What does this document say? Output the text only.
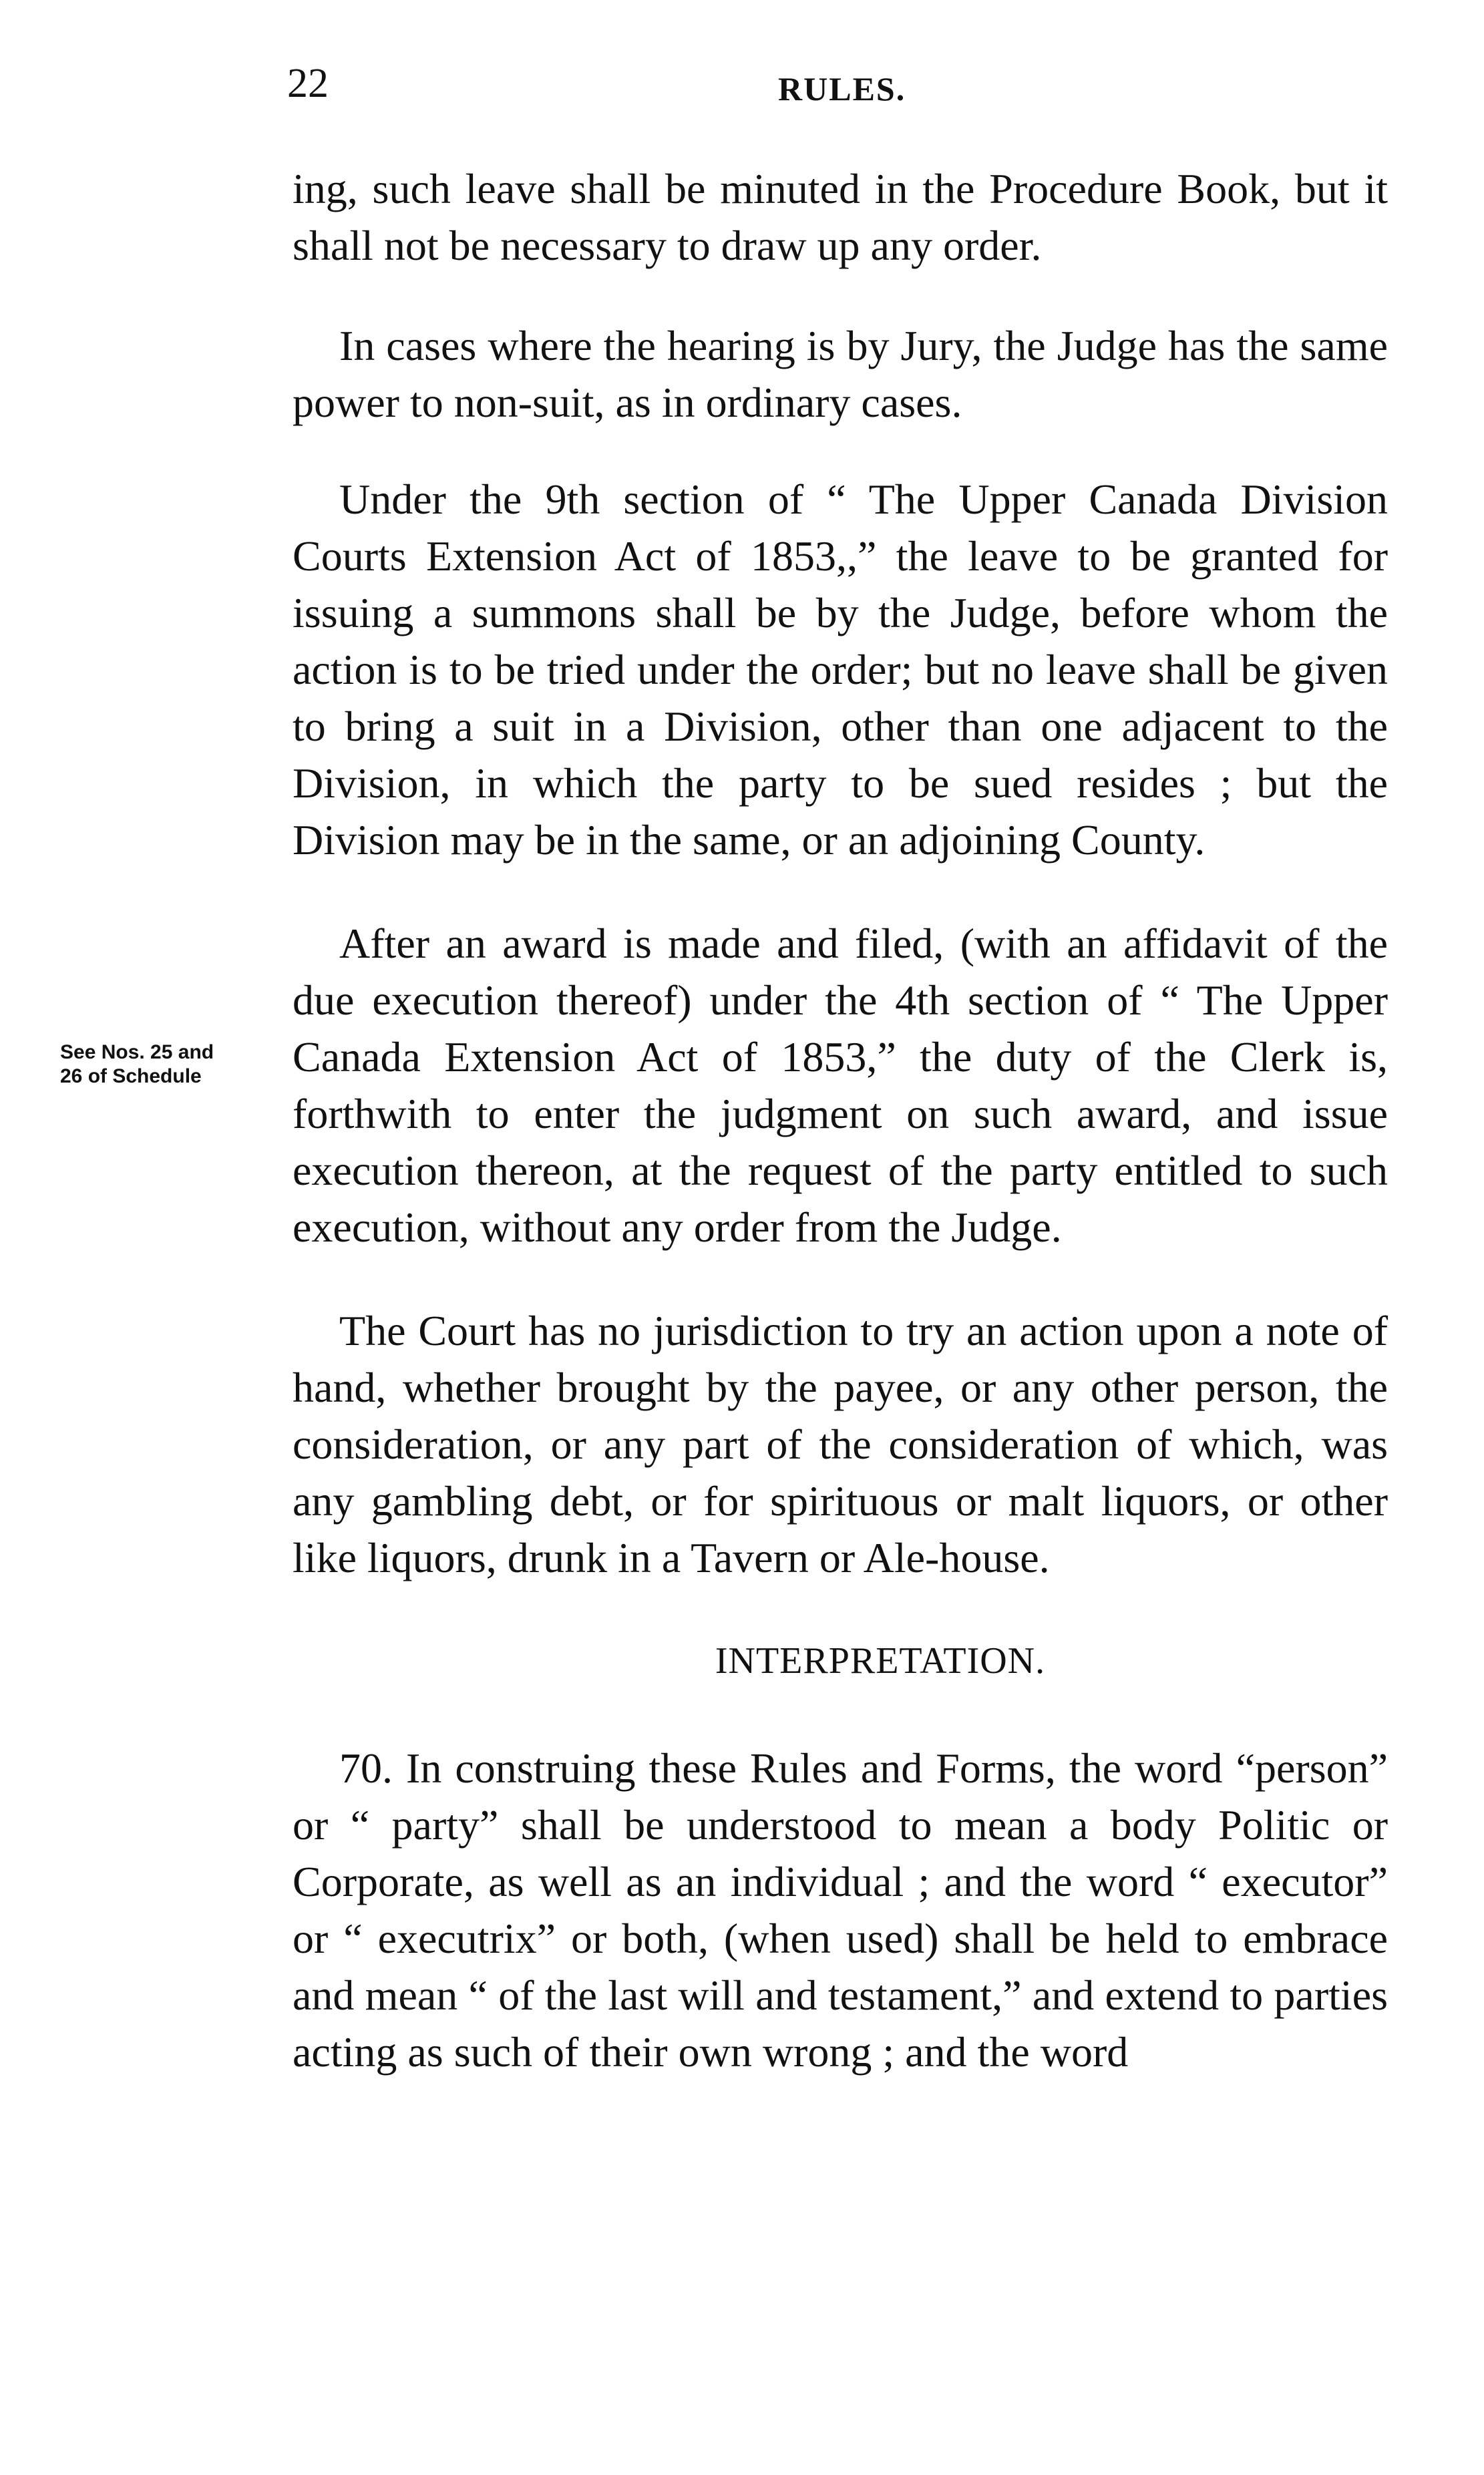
22	RULES.
See Nos. 25 and
26 of Schedule

ing, such leave shall be minuted in the Procedure Book, but it shall not be necessary to draw up any order.

In cases where the hearing is by Jury, the Judge has the same power to non-suit, as in ordinary cases.

Under the 9th section of “ The Upper Canada Division Courts Extension Act of 1853,,” the leave to be granted for issuing a summons shall be by the Judge, before whom the action is to be tried under the order; but no leave shall be given to bring a suit in a Division, other than one adjacent to the Division, in which the party to be sued resides ; but the Division may be in the same, or an adjoining County.

After an award is made and filed, (with an affidavit of the due execution thereof) under the 4th section of “ The Upper Canada Extension Act of 1853,” the duty of the Clerk is, forthwith to enter the judgment on such award, and issue execution thereon, at the request of the party entitled to such execution, without any order from the Judge.

The Court has no jurisdiction to try an action upon a note of hand, whether brought by the payee, or any other person, the consideration, or any part of the consideration of which, was any gambling debt, or for spirituous or malt liquors, or other like liquors, drunk in a Tavern or Ale-house.

INTERPRETATION.

70. In construing these Rules and Forms, the word “person” or “ party” shall be understood to mean a body Politic or Corporate, as well as an individual ; and the word “ executor” or “ executrix” or both, (when used) shall be held to embrace and mean “ of the last will and testament,” and extend to parties acting as such of their own wrong ; and the word
